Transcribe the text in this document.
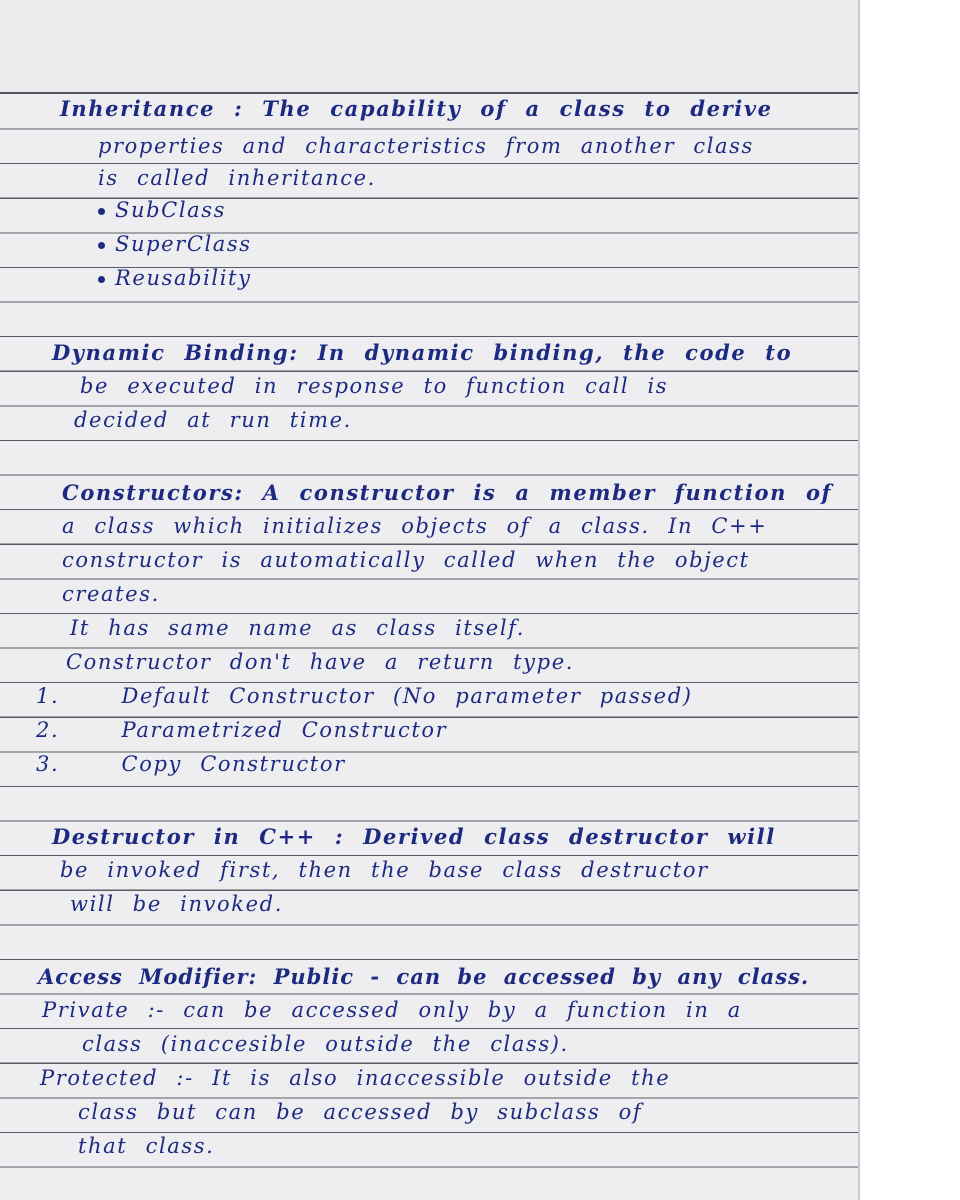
Inheritance : The capability of a class to derive
properties and characteristics from another class
is called inheritance.
SubClass
SuperClass
Reusability
Dynamic Binding: In dynamic binding, the code to
be executed in response to function call is
decided at run time.
Constructors: A constructor is a member function of
a class which initializes objects of a class. In C++
constructor is automatically called when the object
creates.
It has same name as class itself.
Constructor don't have a return type.
1.	Default Constructor (No parameter passed)
2.	Parametrized Constructor
3.	Copy Constructor
Destructor in C++ : Derived class destructor will
be invoked first, then the base class destructor
will be invoked.
Access Modifier: Public - can be accessed by any class.
Private :- can be accessed only by a function in a
class (inaccesible outside the class).
Protected :- It is also inaccessible outside the
class but can be accessed by subclass of
that class.
